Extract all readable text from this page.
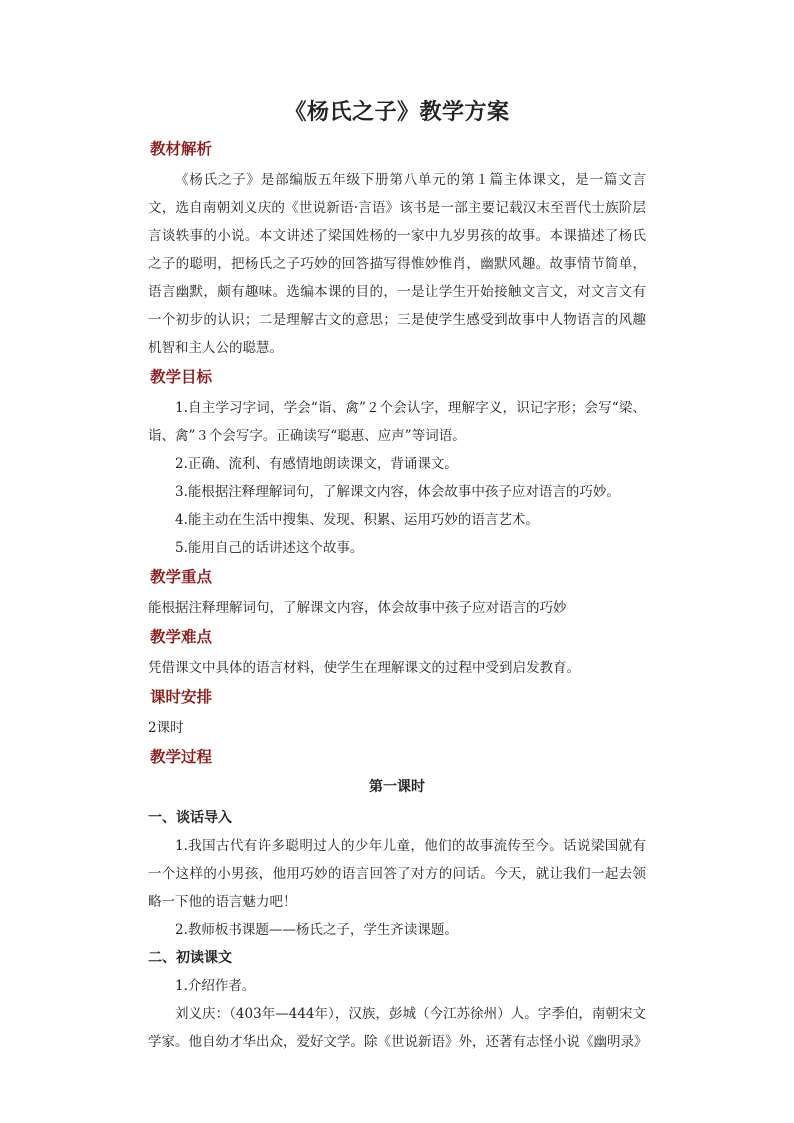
《杨氏之子》教学方案
教材解析

《杨氏之子》是部编版五年级下册第八单元的第１篇主体课文，是一篇文言文，选自南朝刘义庆的《世说新语·言语》该书是一部主要记载汉末至晋代士族阶层言谈轶事的小说。本文讲述了梁国姓杨的一家中九岁男孩的故事。本课描述了杨氏之子的聪明，把杨氏之子巧妙的回答描写得惟妙惟肖，幽默风趣。故事情节简单，语言幽默，颇有趣味。选编本课的目的，一是让学生开始接触文言文，对文言文有一个初步的认识；二是理解古文的意思；三是使学生感受到故事中人物语言的风趣机智和主人公的聪慧。

教学目标

1.自主学习字词，学会“诣、禽”２个会认字，理解字义，识记字形；会写“梁、诣、禽”３个会写字。正确读写“聪惠、应声”等词语。

2.正确、流利、有感情地朗读课文，背诵课文。

3.能根据注释理解词句，了解课文内容，体会故事中孩子应对语言的巧妙。

4.能主动在生活中搜集、发现、积累、运用巧妙的语言艺术。

5.能用自己的话讲述这个故事。

教学重点

能根据注释理解词句，了解课文内容，体会故事中孩子应对语言的巧妙

教学难点

凭借课文中具体的语言材料，使学生在理解课文的过程中受到启发教育。

课时安排

2课时

教学过程
第一课时
一、谈话导入

1.我国古代有许多聪明过人的少年儿童，他们的故事流传至今。话说梁国就有一个这样的小男孩，他用巧妙的语言回答了对方的问话。今天，就让我们一起去领略一下他的语言魅力吧！

2.教师板书课题——杨氏之子，学生齐读课题。

二、初读课文

1.介绍作者。

刘义庆：（403年—444年），汉族，彭城（今江苏徐州）人。字季伯，南朝宋文学家。他自幼才华出众，爱好文学。除《世说新语》外，还著有志怪小说《幽明录》
